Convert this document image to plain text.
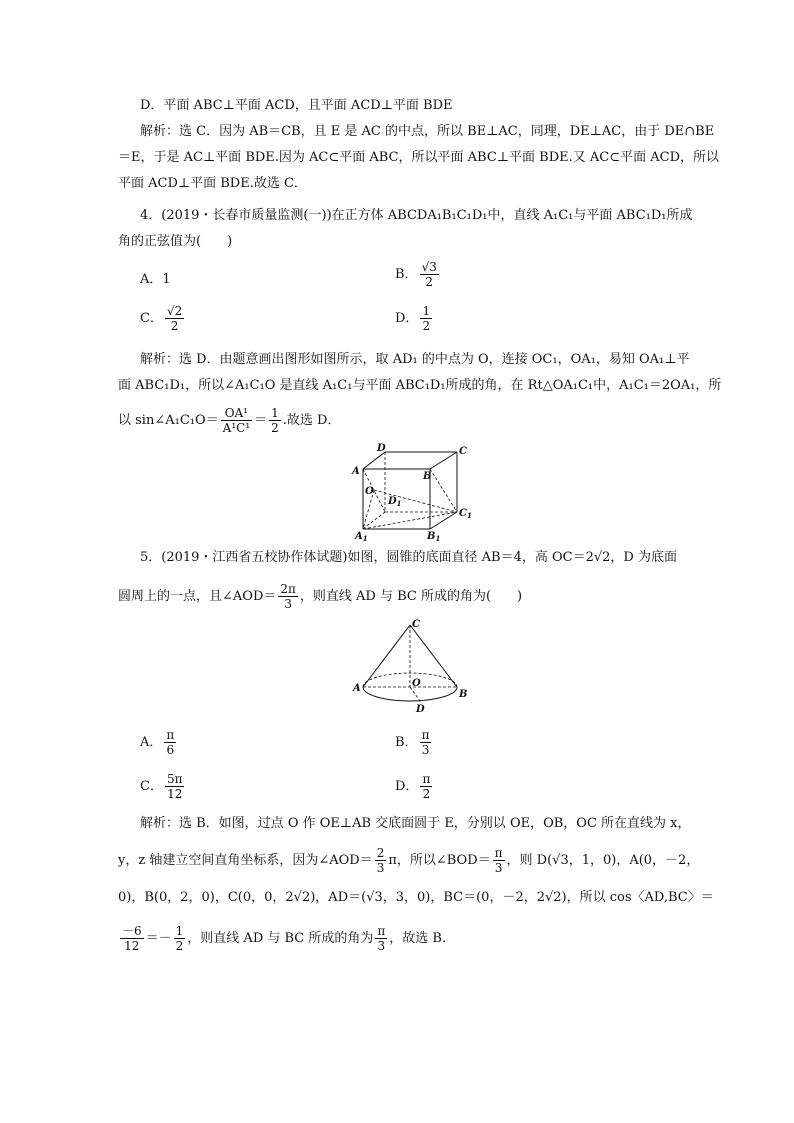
D．平面 ABC⊥平面 ACD，且平面 ACD⊥平面 BDE
解析：选 C．因为 AB＝CB，且 E 是 AC 的中点，所以 BE⊥AC，同理，DE⊥AC，由于 DE∩BE
＝E，于是 AC⊥平面 BDE.因为 AC⊂平面 ABC，所以平面 ABC⊥平面 BDE.又 AC⊂平面 ACD，所以
平面 ACD⊥平面 BDE.故选 C．
4．(2019・长春市质量监测(一))在正方体 ABCDA₁B₁C₁D₁中，直线 A₁C₁与平面 ABC₁D₁所成
角的正弦值为(　　)
A．1	B． $\frac{√3}{2}$
C． $\frac{√2}{2}$	D． $\frac{1}{2}$
解析：选 D．由题意画出图形如图所示，取 AD₁ 的中点为 O，连接 OC₁，OA₁，易知 OA₁⊥平
面 ABC₁D₁，所以∠A₁C₁O 是直线 A₁C₁与平面 ABC₁D₁所成的角，在 Rt△OA₁C₁中，A₁C₁＝2OA₁，所
以 sin∠A₁C₁O＝ $\frac{\text{OA¹}}{\text{A¹C¹}} = \frac{1}{2}$ .故选 D．
D	C
A	B
O
$D_1$
$C_1$
$A_1$	$B_1$
5．(2019・江西省五校协作体试题)如图，圆锥的底面直径 AB＝4，高 OC＝2√2，D 为底面
圆周上的一点，且∠AOD＝ $\frac{2\pi}{3}$ ，则直线 AD 与 BC 所成的角为(　　)
C
A	O
B
D
A． $\frac{\pi}{6}$	B． $\frac{\pi}{3}$
C． $\frac{5\pi}{12}$	D． $\frac{\pi}{2}$
解析：选 B．如图，过点 O 作 OE⊥AB 交底面圆于 E，分别以 OE，OB，OC 所在直线为 x，
y，z 轴建立空间直角坐标系，因为∠AOD＝ $\frac{2}{3}$ π，所以∠BOD＝ $\frac{\pi}{3}$ ，则 D(√3，1，0)，A(0，－2，
0)，B(0，2，0)，C(0，0，2√2)，AD＝(√3，3，0)，BC＝(0，－2，2√2)，所以 cos〈AD,BC〉＝
$\frac{-6}{12} =- \frac{1}{2}$ ，则直线 AD 与 BC 所成的角为 $\frac{\pi}{3}$ ，故选 B．
